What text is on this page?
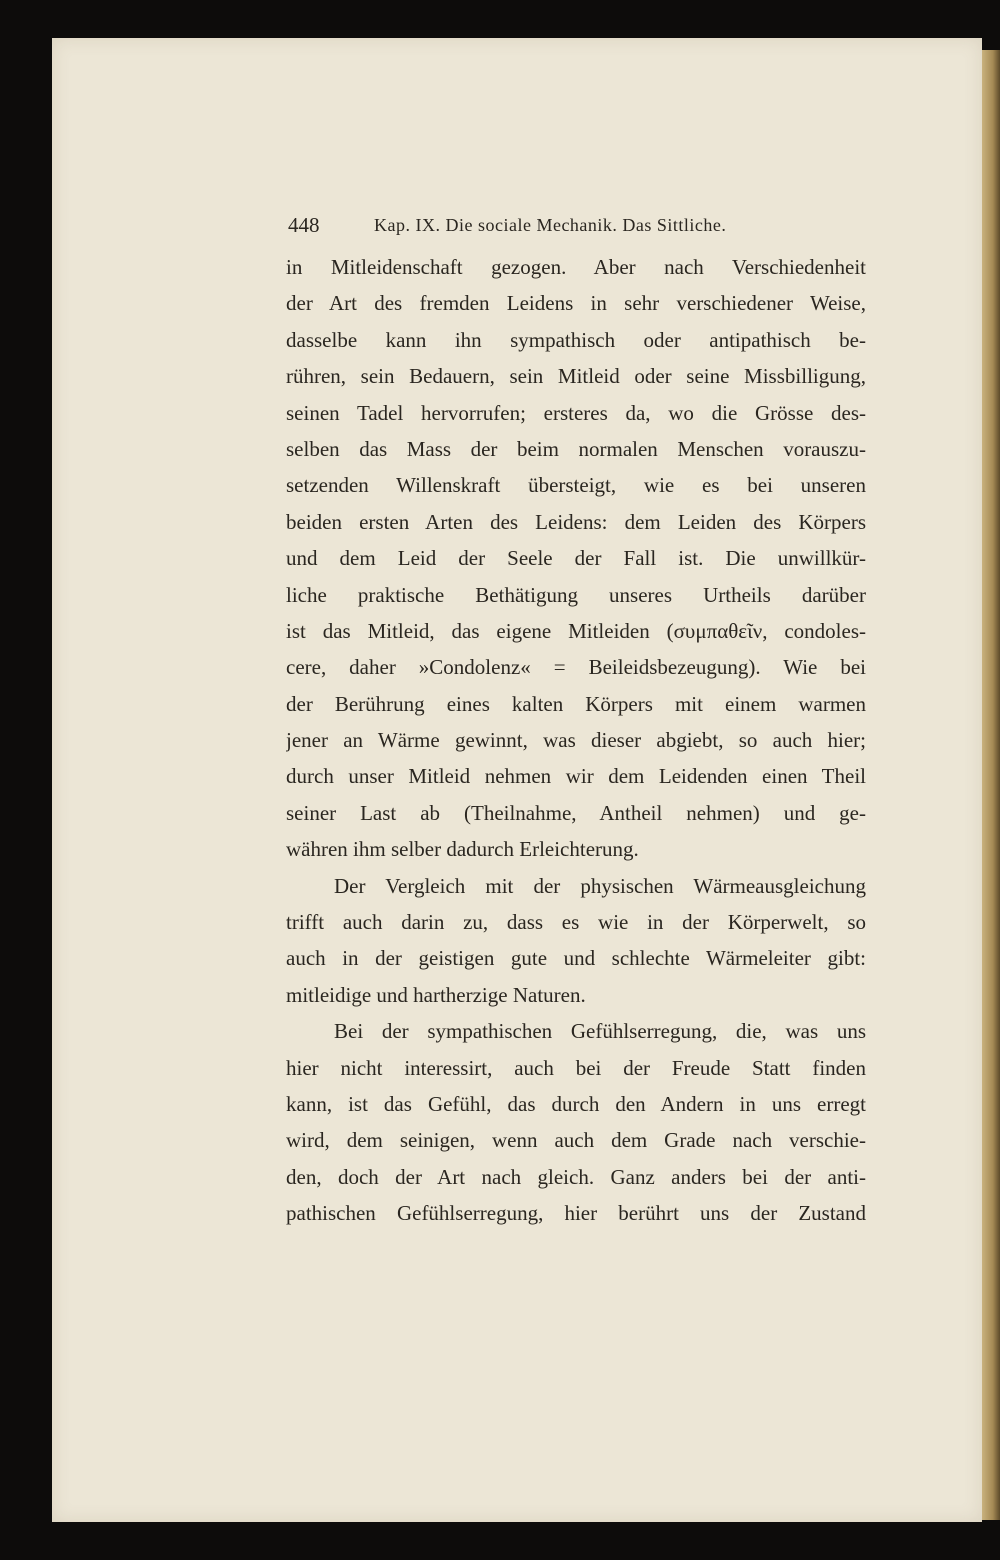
448	Kap. IX. Die sociale Mechanik. Das Sittliche.
in Mitleidenschaft gezogen. Aber nach Verschiedenheit
der Art des fremden Leidens in sehr verschiedener Weise,
dasselbe kann ihn sympathisch oder antipathisch be-
rühren, sein Bedauern, sein Mitleid oder seine Missbilligung,
seinen Tadel hervorrufen; ersteres da, wo die Grösse des-
selben das Mass der beim normalen Menschen vorauszu-
setzenden Willenskraft übersteigt, wie es bei unseren
beiden ersten Arten des Leidens: dem Leiden des Körpers
und dem Leid der Seele der Fall ist. Die unwillkür-
liche praktische Bethätigung unseres Urtheils darüber
ist das Mitleid, das eigene Mitleiden (συμπαθεῖν, condoles-
cere, daher »Condolenz« = Beileidsbezeugung). Wie bei
der Berührung eines kalten Körpers mit einem warmen
jener an Wärme gewinnt, was dieser abgiebt, so auch hier;
durch unser Mitleid nehmen wir dem Leidenden einen Theil
seiner Last ab (Theilnahme, Antheil nehmen) und ge-
währen ihm selber dadurch Erleichterung.
Der Vergleich mit der physischen Wärmeausgleichung
trifft auch darin zu, dass es wie in der Körperwelt, so
auch in der geistigen gute und schlechte Wärmeleiter gibt:
mitleidige und hartherzige Naturen.
Bei der sympathischen Gefühlserregung, die, was uns
hier nicht interessirt, auch bei der Freude Statt finden
kann, ist das Gefühl, das durch den Andern in uns erregt
wird, dem seinigen, wenn auch dem Grade nach verschie-
den, doch der Art nach gleich. Ganz anders bei der anti-
pathischen Gefühlserregung, hier berührt uns der Zustand
